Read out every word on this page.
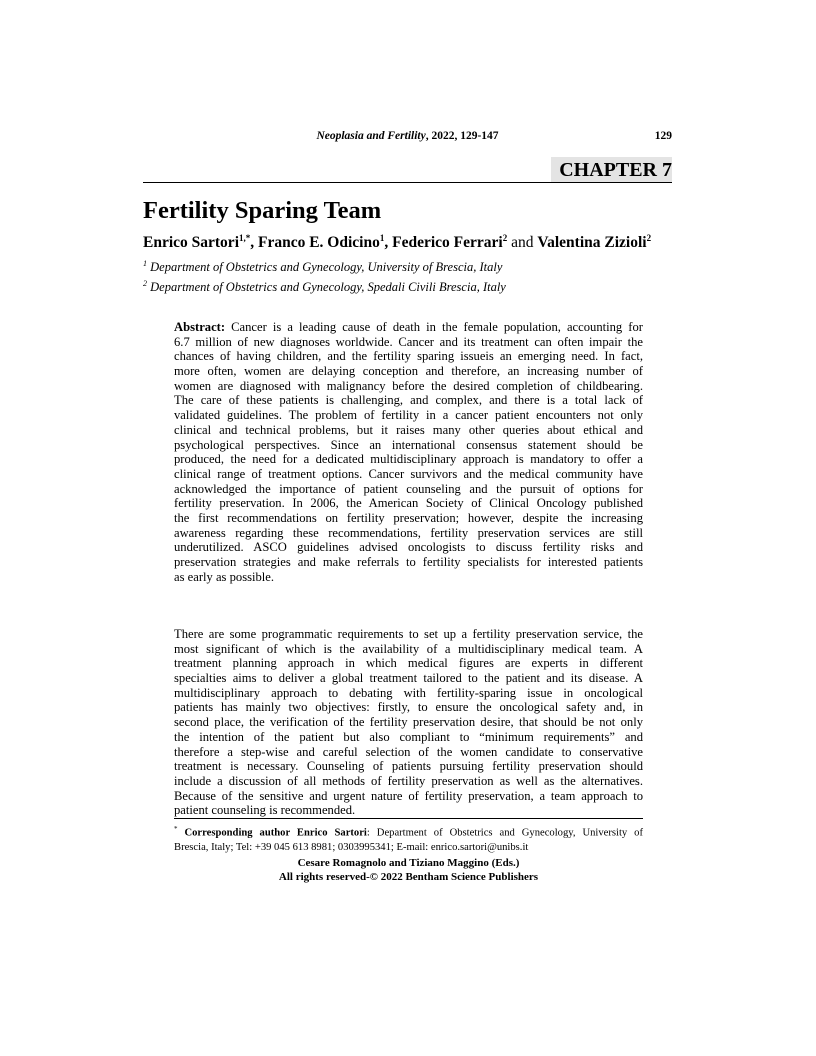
Neoplasia and Fertility, 2022, 129-147	129
CHAPTER 7
Fertility Sparing Team
Enrico Sartori$^{1,*}$, Franco E. Odicino$^1$, Federico Ferrari$^2$ and Valentina Zizioli$^2$
$^1$ Department of Obstetrics and Gynecology, University of Brescia, Italy
$^2$ Department of Obstetrics and Gynecology, Spedali Civili Brescia, Italy
Abstract: Cancer is a leading cause of death in the female population, accounting for
6.7 million of new diagnoses worldwide. Cancer and its treatment can often impair the
chances of having children, and the fertility sparing issueis an emerging need. In fact,
more often, women are delaying conception and therefore, an increasing number of
women are diagnosed with malignancy before the desired completion of childbearing.
The care of these patients is challenging, and complex, and there is a total lack of
validated guidelines. The problem of fertility in a cancer patient encounters not only
clinical and technical problems, but it raises many other queries about ethical and
psychological perspectives. Since an international consensus statement should be
produced, the need for a dedicated multidisciplinary approach is mandatory to offer a
clinical range of treatment options. Cancer survivors and the medical community have
acknowledged the importance of patient counseling and the pursuit of options for
fertility preservation. In 2006, the American Society of Clinical Oncology published
the first recommendations on fertility preservation; however, despite the increasing
awareness regarding these recommendations, fertility preservation services are still
underutilized. ASCO guidelines advised oncologists to discuss fertility risks and
preservation strategies and make referrals to fertility specialists for interested patients
as early as possible.
There are some programmatic requirements to set up a fertility preservation service, the
most significant of which is the availability of a multidisciplinary medical team. A
treatment planning approach in which medical figures are experts in different
specialties aims to deliver a global treatment tailored to the patient and its disease. A
multidisciplinary approach to debating with fertility-sparing issue in oncological
patients has mainly two objectives: firstly, to ensure the oncological safety and, in
second place, the verification of the fertility preservation desire, that should be not only
the intention of the patient but also compliant to “minimum requirements” and
therefore a step-wise and careful selection of the women candidate to conservative
treatment is necessary. Counseling of patients pursuing fertility preservation should
include a discussion of all methods of fertility preservation as well as the alternatives.
Because of the sensitive and urgent nature of fertility preservation, a team approach to
patient counseling is recommended.
* Corresponding author Enrico Sartori: Department of Obstetrics and Gynecology, University of
Brescia, Italy; Tel: +39 045 613 8981; 0303995341; E-mail: enrico.sartori@unibs.it
Cesare Romagnolo and Tiziano Maggino (Eds.)
All rights reserved-© 2022 Bentham Science Publishers
